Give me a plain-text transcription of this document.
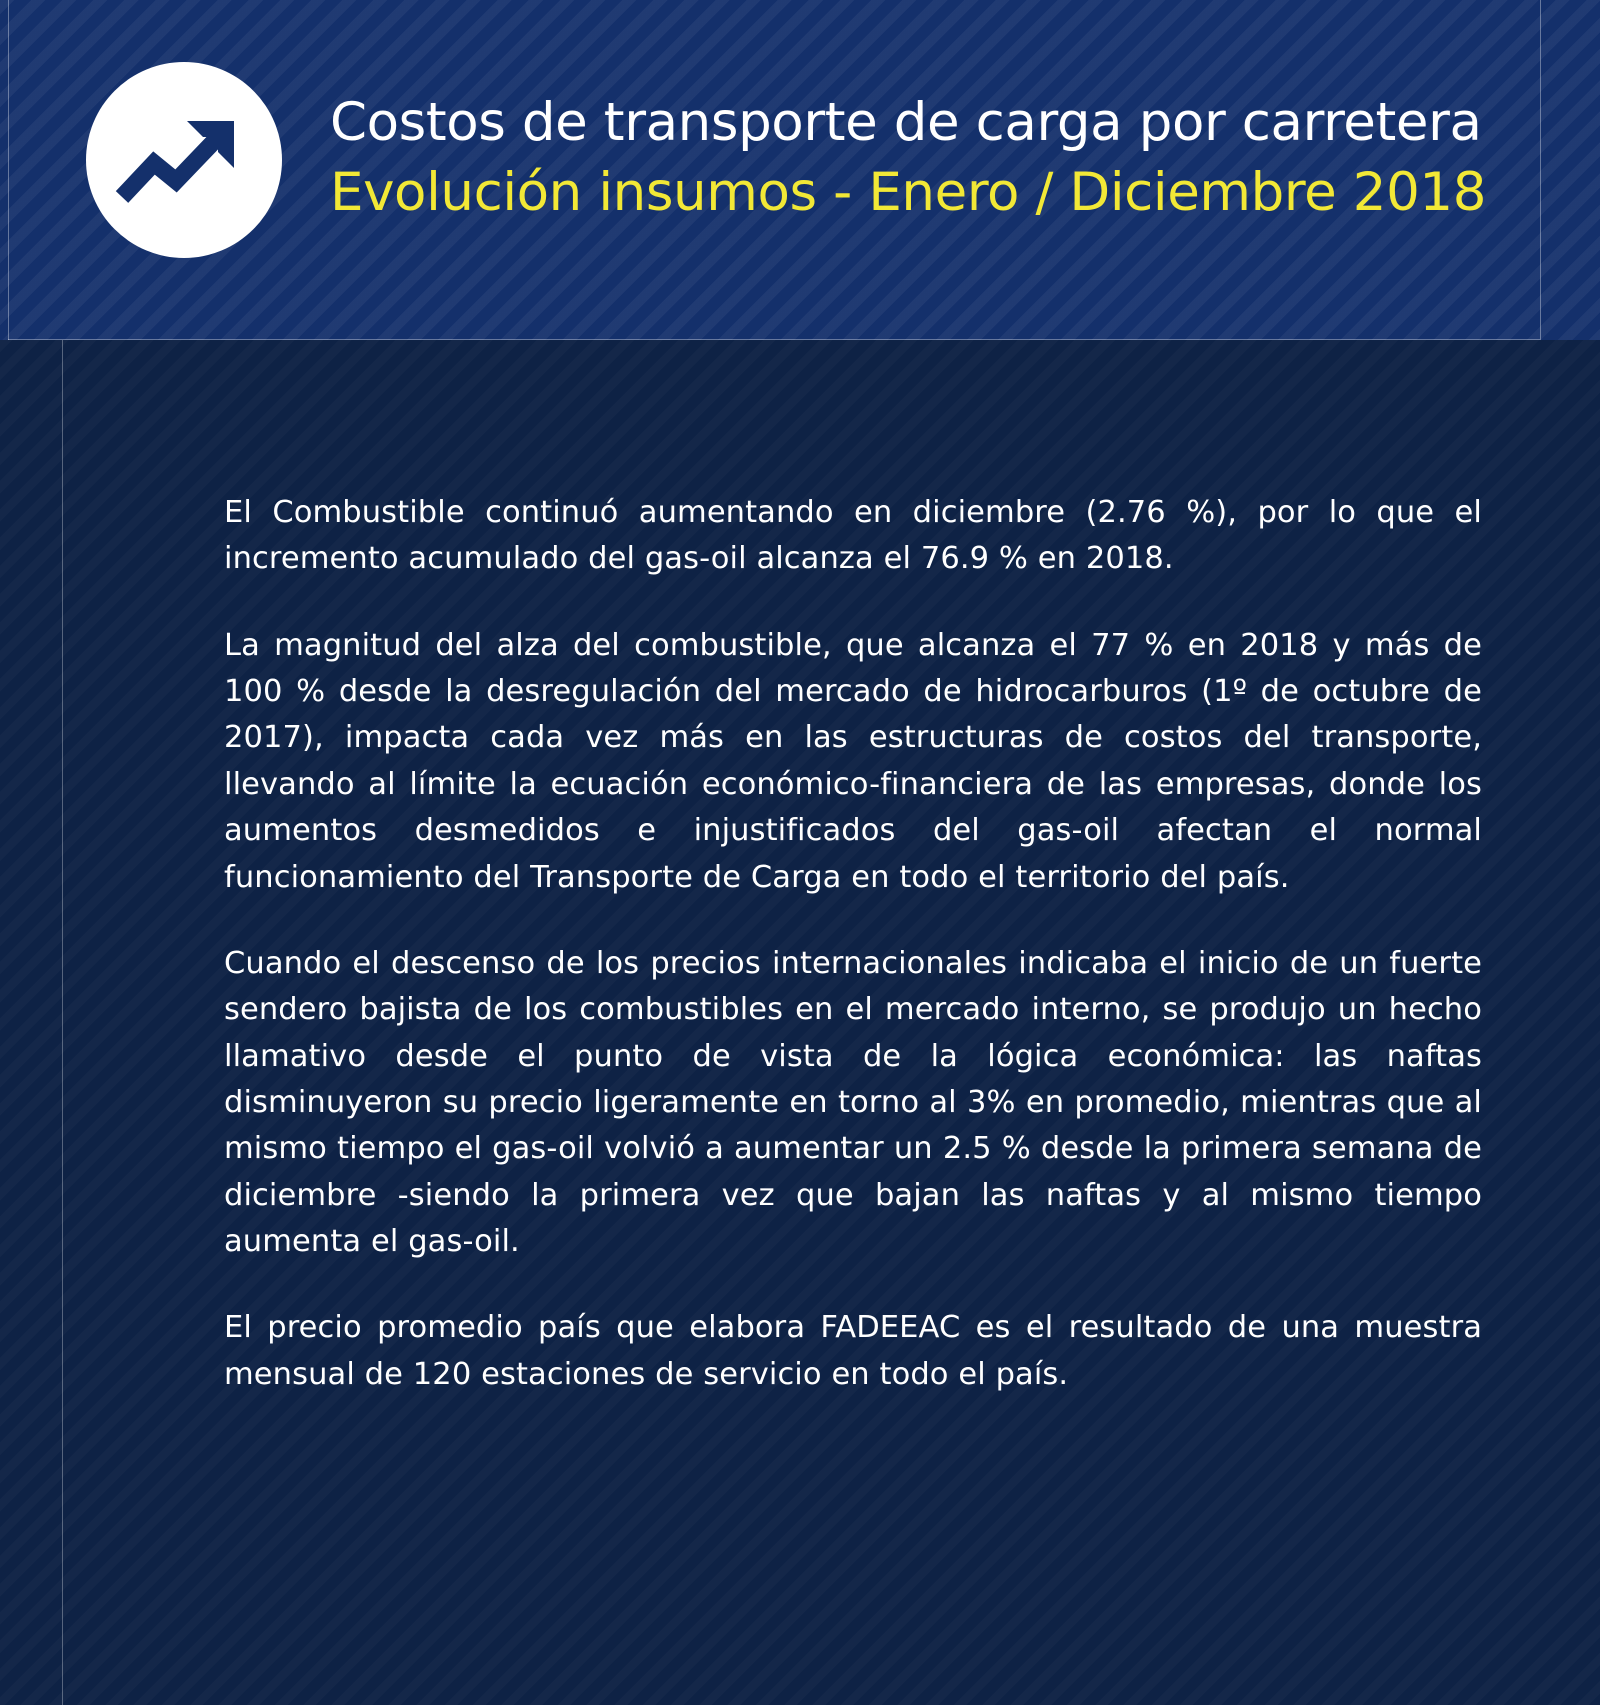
Costos de transporte de carga por carretera
Evolución insumos - Enero / Diciembre 2018

El Combustible continuó aumentando en diciembre (2.76 %), por lo que el incremento acumulado del gas-oil alcanza el 76.9 % en 2018.

La magnitud del alza del combustible, que alcanza el 77 % en 2018 y más de 100 % desde la desregulación del mercado de hidrocarburos (1º de octubre de 2017), impacta cada vez más en las estructuras de costos del transporte, llevando al límite la ecuación económico-financiera de las empresas, donde los aumentos desmedidos e injustificados del gas-oil afectan el normal funcionamiento del Transporte de Carga en todo el territorio del país.

Cuando el descenso de los precios internacionales indicaba el inicio de un fuerte sendero bajista de los combustibles en el mercado interno, se produjo un hecho llamativo desde el punto de vista de la lógica económica: las naftas disminuyeron su precio ligeramente en torno al 3% en promedio, mientras que al mismo tiempo el gas-oil volvió a aumentar un 2.5 % desde la primera semana de diciembre -siendo la primera vez que bajan las naftas y al mismo tiempo aumenta el gas-oil.

El precio promedio país que elabora FADEEAC es el resultado de una muestra mensual de 120 estaciones de servicio en todo el país.
